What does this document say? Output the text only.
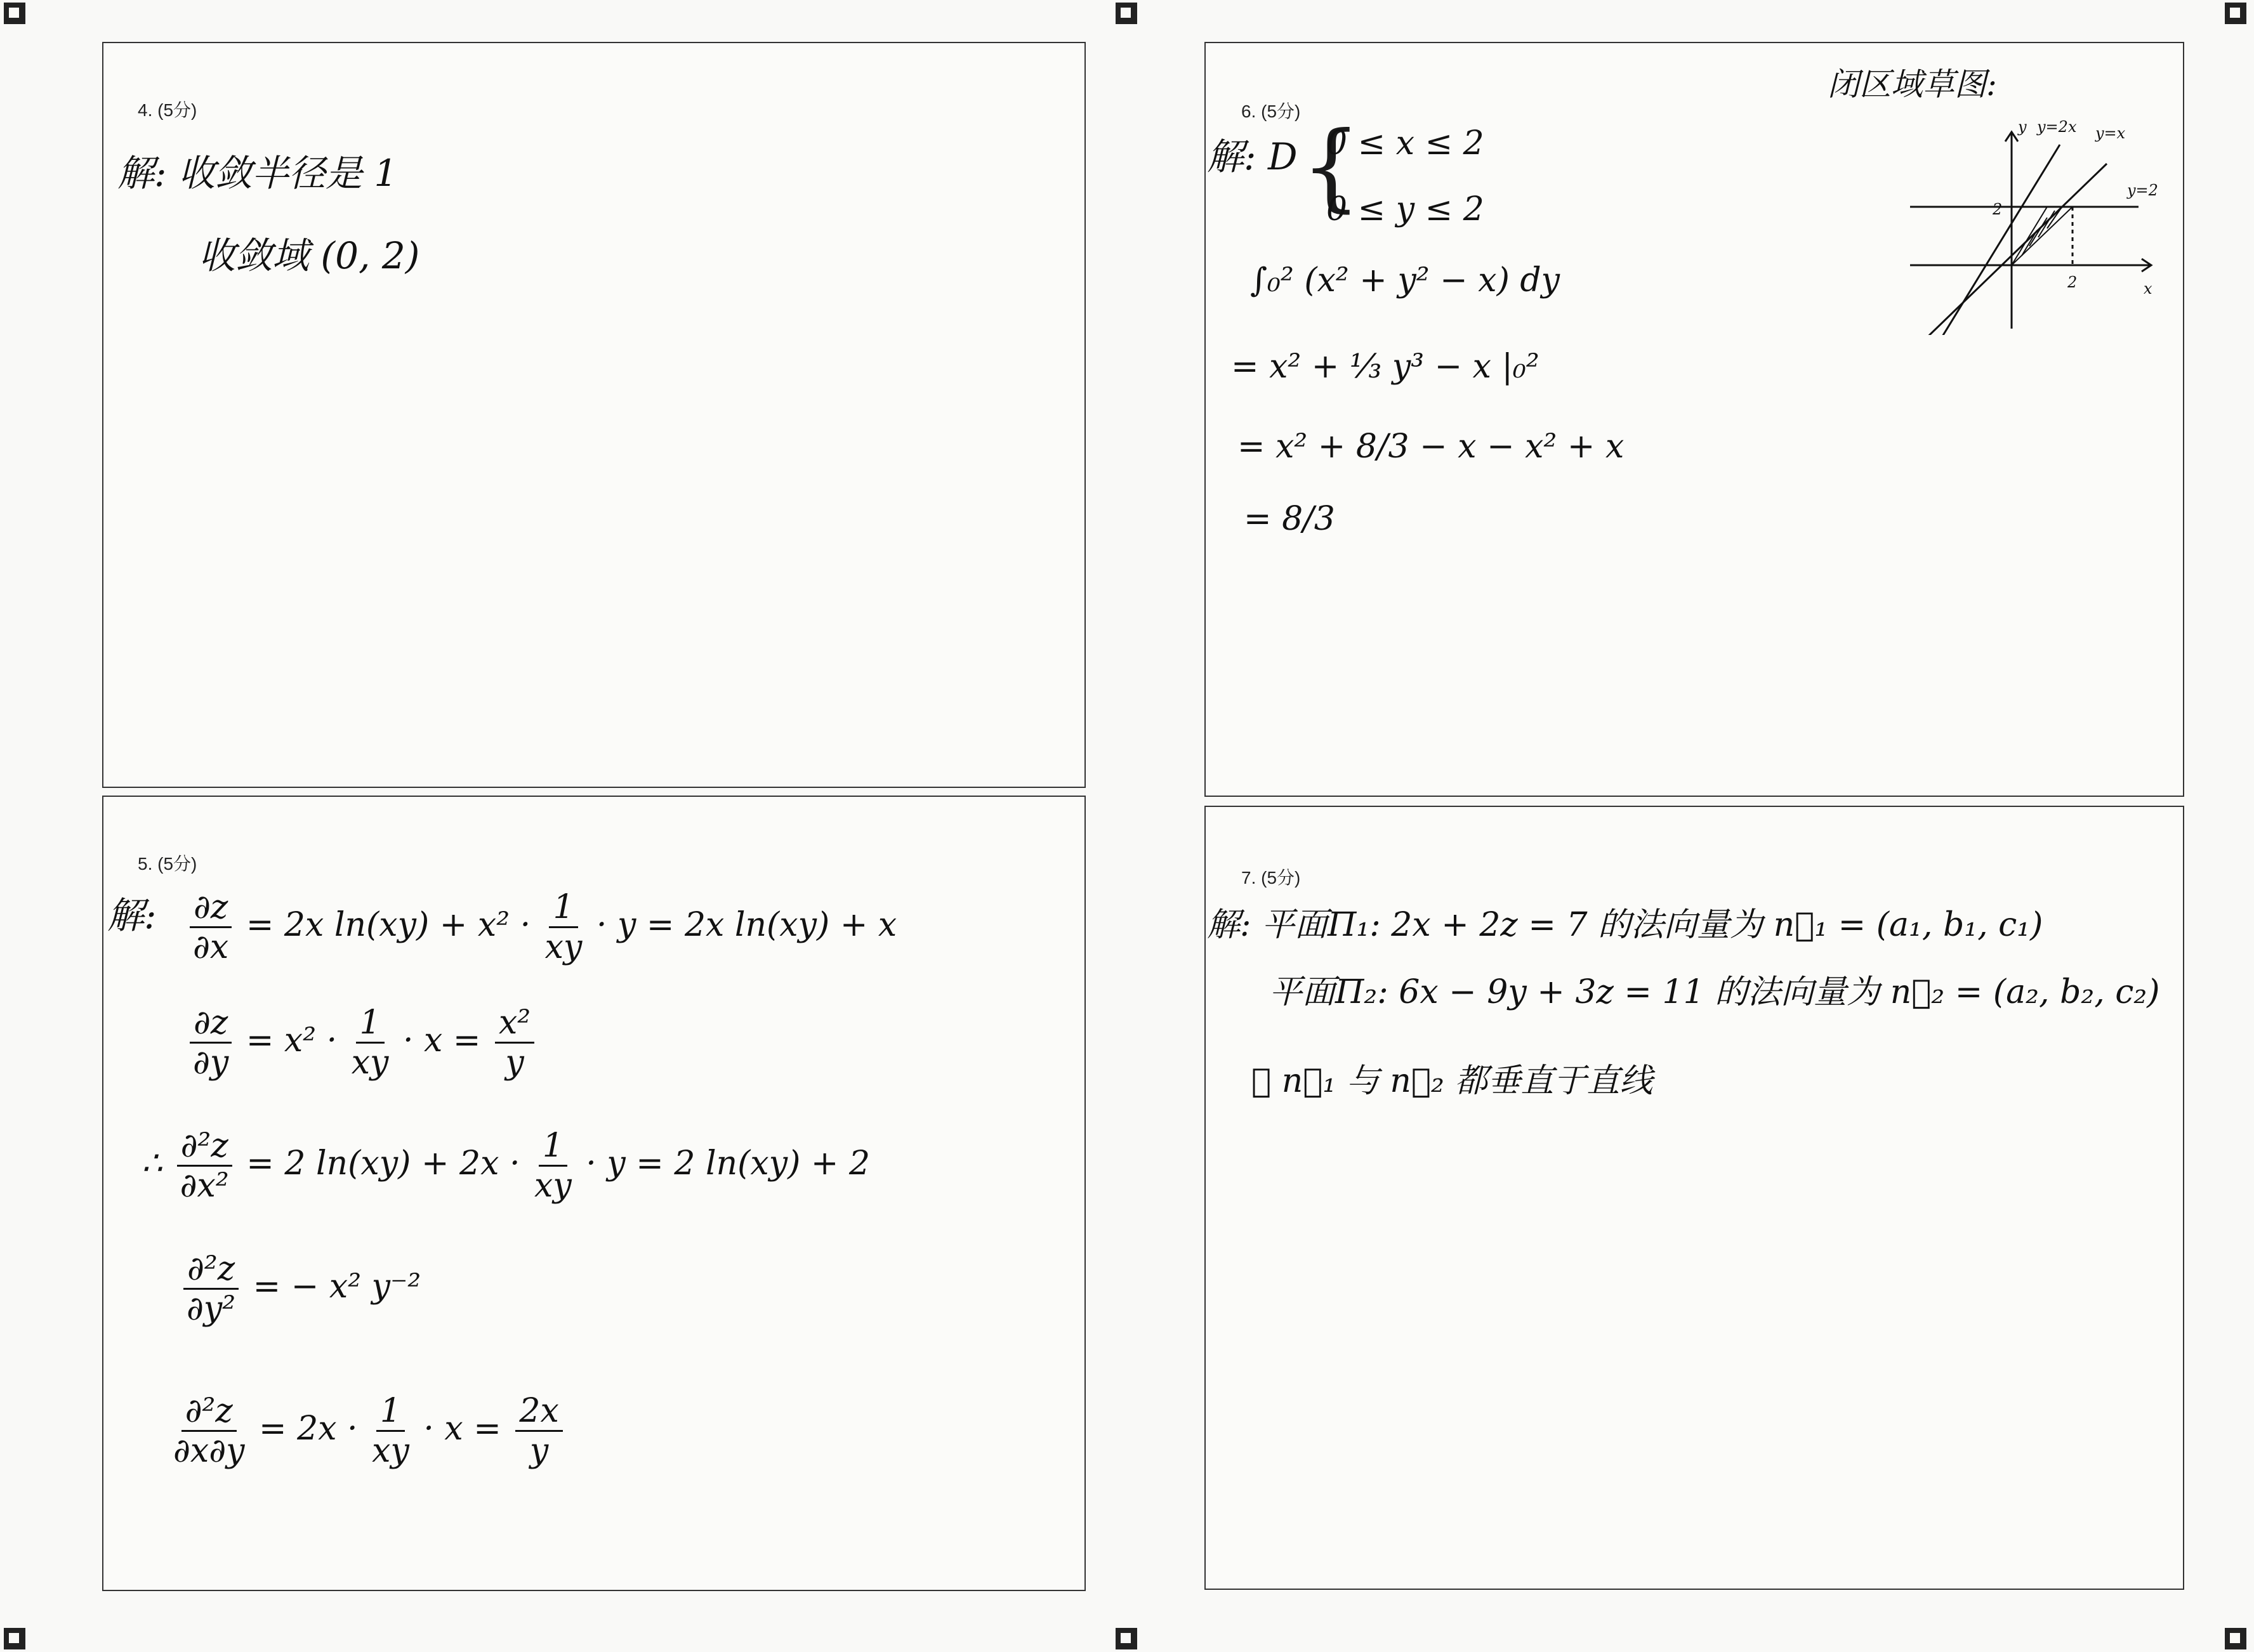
4. (5分)
解: 收敛半径是 1
收敛域 (0, 2)
5. (5分)
解: $\frac{\partial z}{\partial x} = 2x$ $\ln(xy) + x^2 \cdot \frac{1}{xy} \cdot y = 2x$ ln(xy) + x
$\frac{\partial z}{\partial y} = x^2 \cdot \frac{1}{xy} \cdot x = \frac{\text{x²}}{y}$
∴ $\frac{\text{∂²z}}{\text{∂x²}} = 2$ $\ln(xy) + 2x \cdot \frac{1}{xy} \cdot y = 2$ ln(xy) + 2
$\frac{\text{∂²z}}{\text{∂y²}}$ = − x² y⁻²
$\frac{\text{∂²z}}{\partial x\partial y} = 2x \cdot \frac{1}{xy} \cdot x = \frac{2x}{y}$
6. (5分)
解: D {
0 ≤ x ≤ 2
0 ≤ y ≤ 2
∫₀² (x² + y² − x) dy
= x² + ⅓ y³ − x |₀²
= x² + 8/3 − x − x² + x
= 8/3
闭区域草图:
y
x
y=2x y=x
y=2
2
2
7. (5分)
解: 平面Π₁: 2x + 2z = 7 的法向量为 n⃗₁ = (a₁, b₁, c₁)
平面Π₂: 6x − 9y + 3z = 11 的法向量为 n⃗₂ = (a₂, b₂, c₂)
∴ n⃗₁ 与 n⃗₂ 都垂直于直线
